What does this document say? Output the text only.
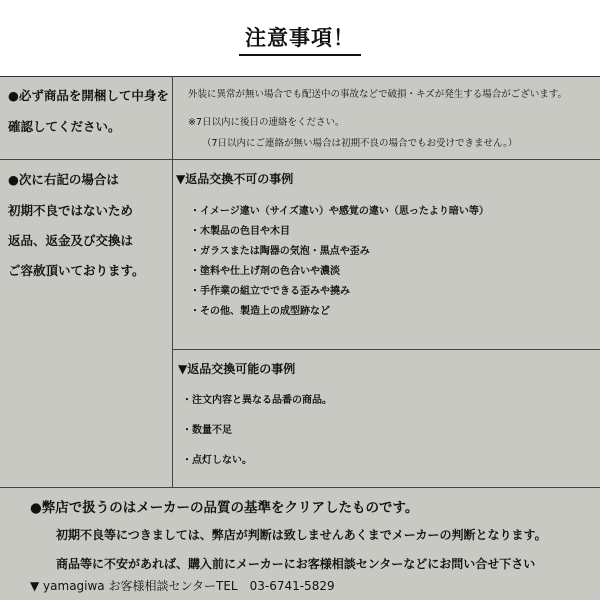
注意事項！
●必ず商品を開梱して中身を
確認してください。
外装に異常が無い場合でも配送中の事故などで破損・キズが発生する場合がございます。
※7日以内に後日の連絡をください。
（7日以内にご連絡が無い場合は初期不良の場合でもお受けできません。）
●次に右記の場合は
初期不良ではないため
返品、返金及び交換は
ご容赦頂いております。
▼返品交換不可の事例
・イメージ違い（サイズ違い）や感覚の違い（思ったより暗い等）
・木製品の色目や木目
・ガラスまたは陶器の気泡・黒点や歪み
・塗料や仕上げ剤の色合いや濃淡
・手作業の組立でできる歪みや撓み
・その他、製造上の成型跡など
▼返品交換可能の事例
・注文内容と異なる品番の商品。
・数量不足
・点灯しない。
●弊店で扱うのはメーカーの品質の基準をクリアしたものです。
初期不良等につきましては、弊店が判断は致しませんあくまでメーカーの判断となります。
商品等に不安があれば、購入前にメーカーにお客様相談センターなどにお問い合せ下さい
▼ yamagiwa お客様相談センターTEL　03-6741-5829
